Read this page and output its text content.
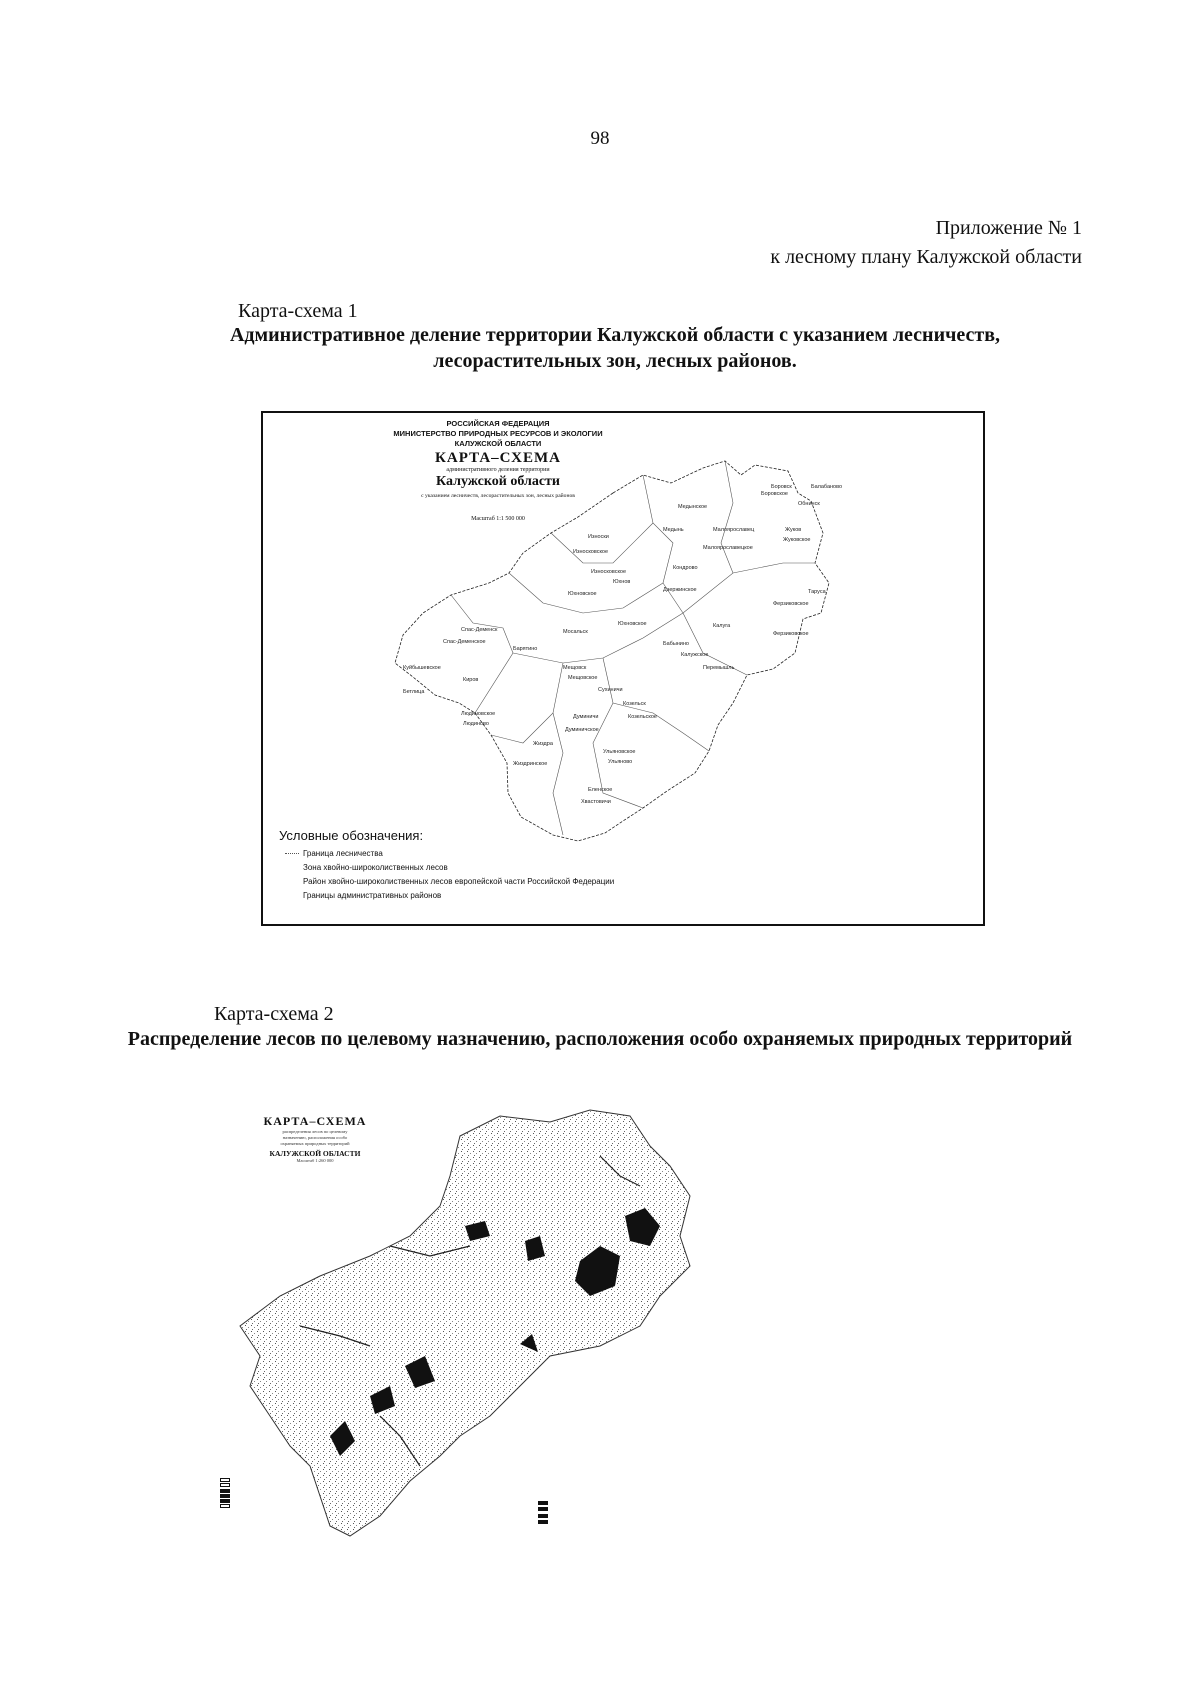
98
Приложение № 1
к лесному плану Калужской области
Карта-схема 1
Административное деление территории Калужской области с указанием лесничеств, лесорастительных зон, лесных районов.
РОССИЙСКАЯ ФЕДЕРАЦИЯ
МИНИСТЕРСТВО ПРИРОДНЫХ РЕСУРСОВ И ЭКОЛОГИИ
КАЛУЖСКОЙ ОБЛАСТИ
КАРТА–СХЕМА
административного деления территории
Калужской области
с указанием лесничеств, лесорастительных зон, лесных районов
Масштаб 1:1 500 000
Боровск	Балабаново
Боровское
Обнинск
Медынское
Медынь	Малоярославец	Жуков
Жуковское
Малоярославецкое
Износки
Износковское
Износковское
Юхнов
Юхновское
Кондрово
Дзержинское	Таруса
Ферзиковское
Юхновское	Калуга
Ферзиковское
Спас-Деменск
Спас-Деменское
Барятино
Мосальск
Бабынино
Калужское
Перемышль
Мещовск
Мещовское
Куйбышевское
Киров
Бетлица	Сухиничи
Людиновское
Людиново
Думиничи
Козельск
Козельское
Думиничское
Жиздра
Жиздринское
Ульяновское
Ульяново
Еленское
Хвастовичи
Условные обозначения:
Граница лесничества
Зона хвойно-широколиственных лесов
Район хвойно-широколиственных лесов европейской части Российской Федерации
Границы административных районов
Карта-схема 2
Распределение лесов по целевому назначению, расположения особо охраняемых природных территорий
КАРТА–СХЕМА
распределения лесов по целевому
назначению, расположения особо
охраняемых природных территорий
КАЛУЖСКОЙ ОБЛАСТИ
Масштаб 1:260 000
